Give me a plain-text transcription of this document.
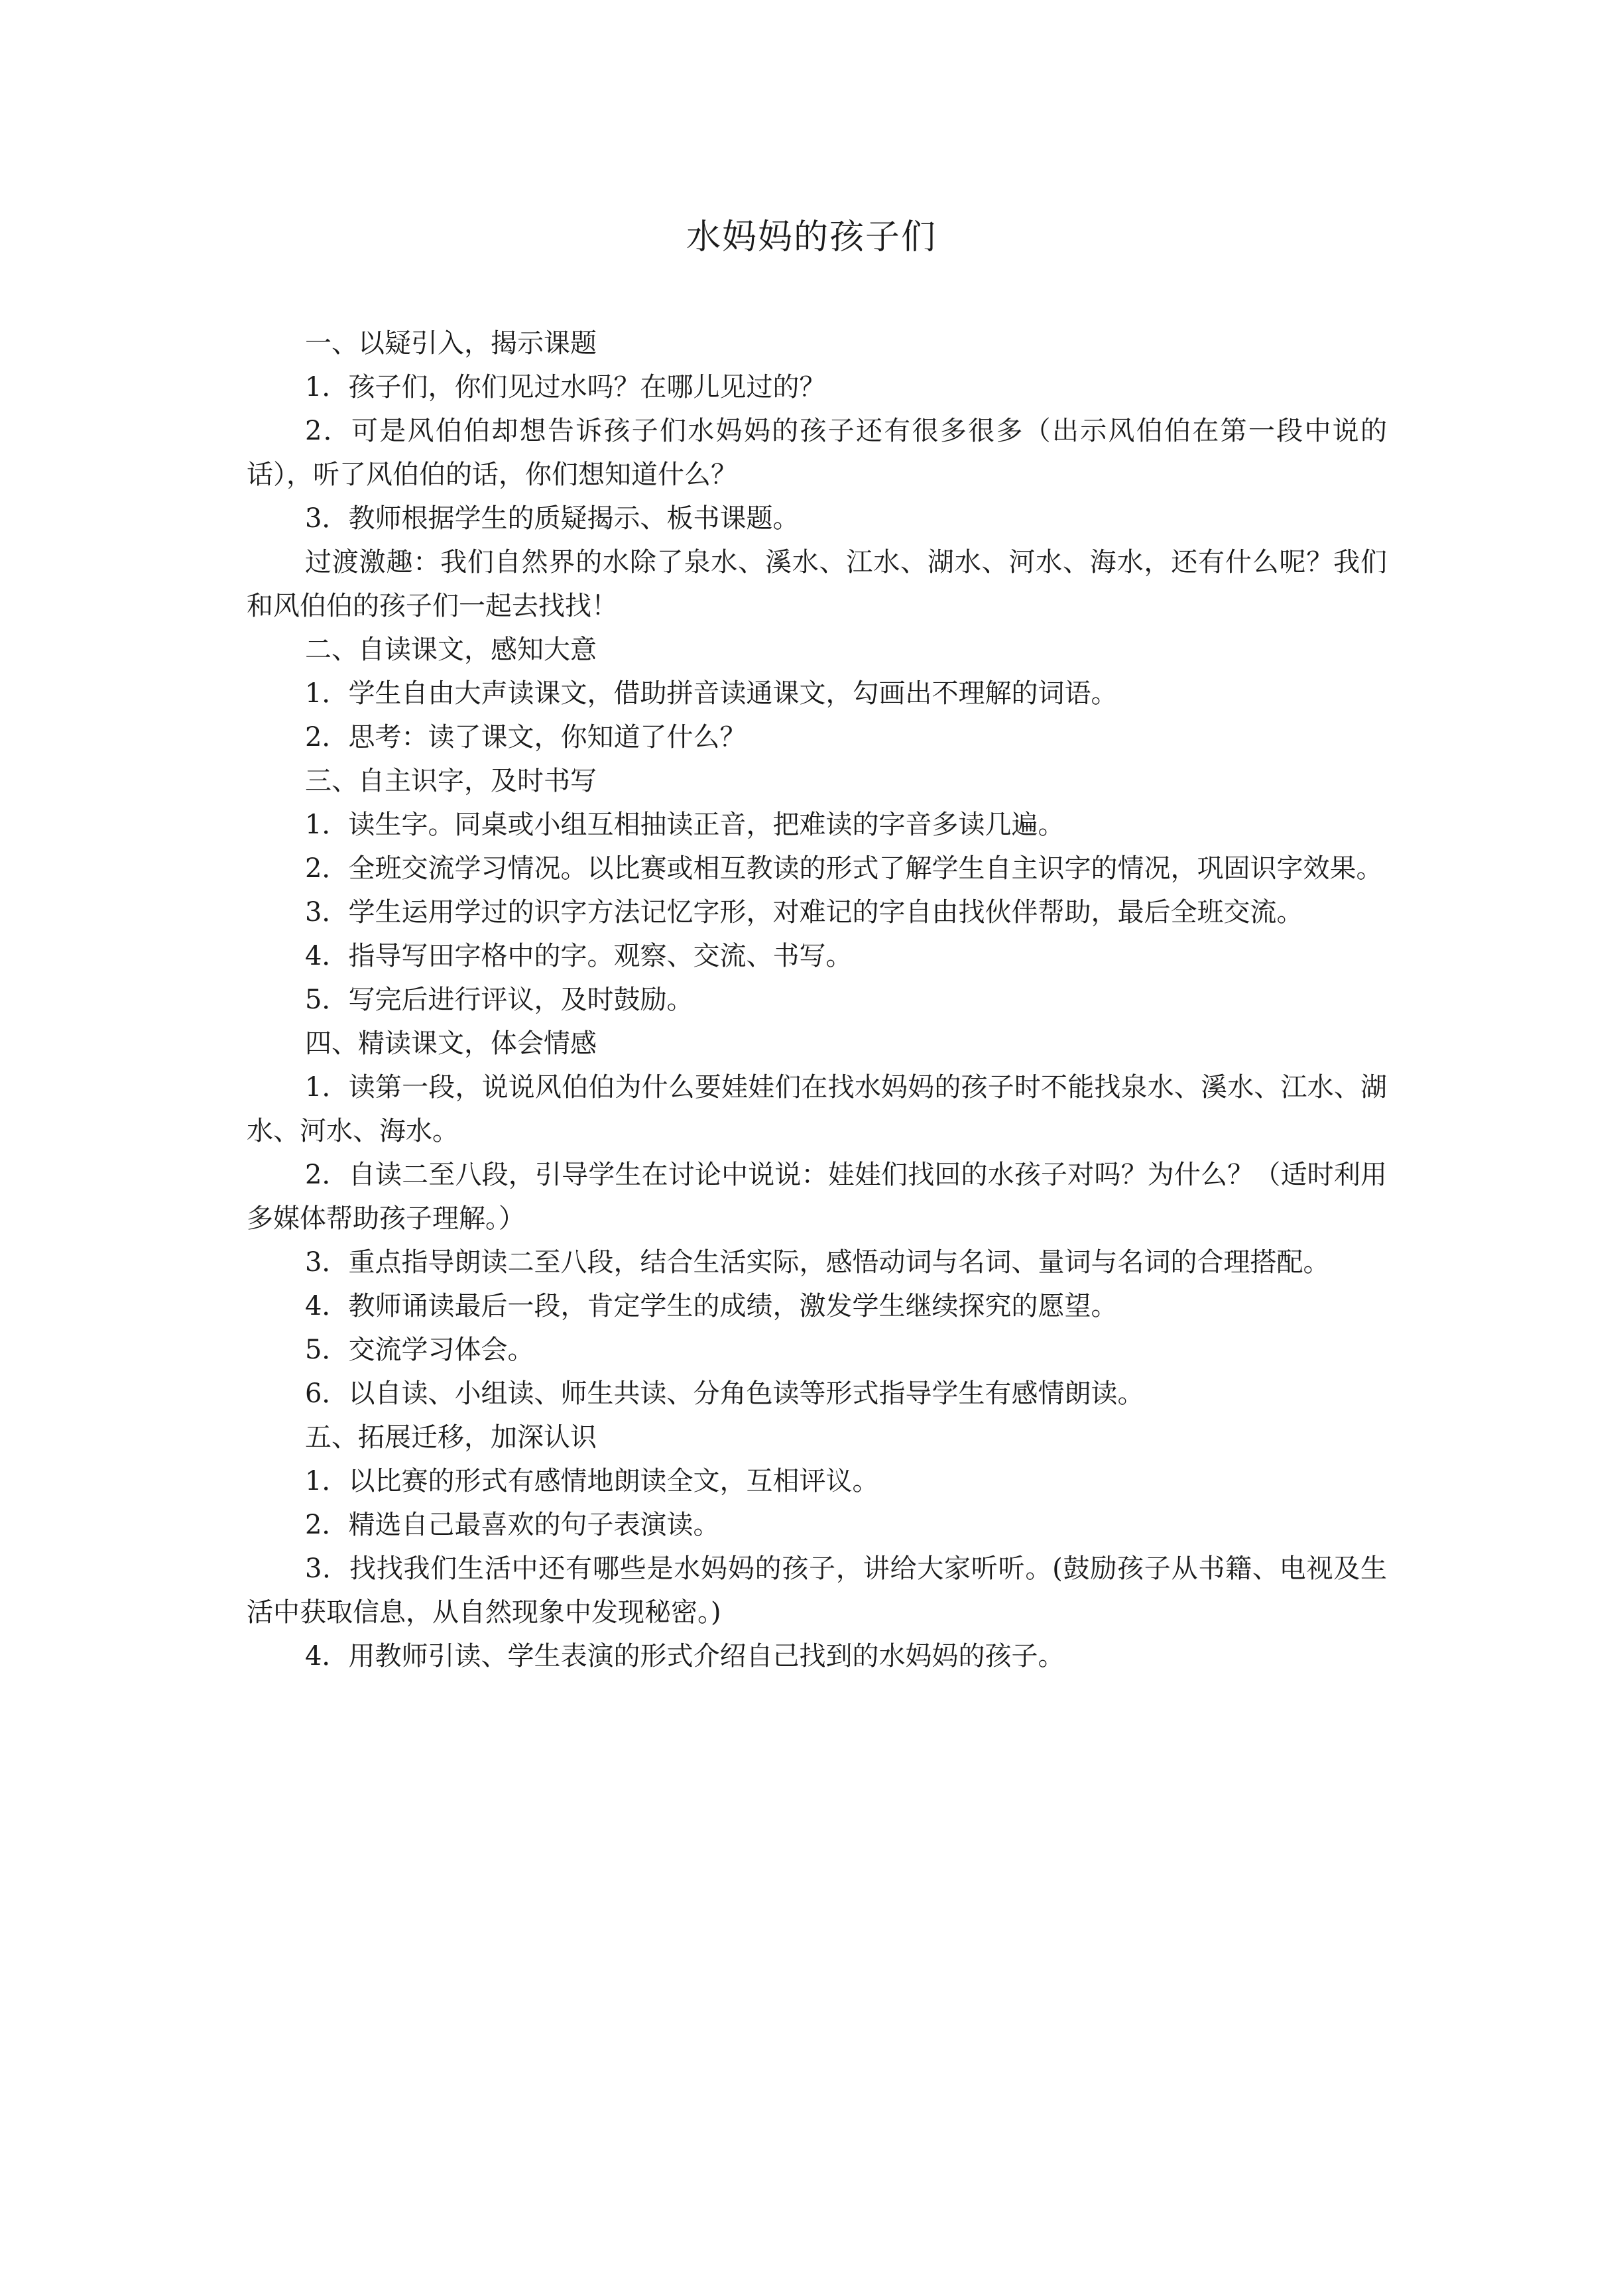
水妈妈的孩子们

一、以疑引入，揭示课题

1．孩子们，你们见过水吗？在哪儿见过的？

2．可是风伯伯却想告诉孩子们水妈妈的孩子还有很多很多（出示风伯伯在第一段中说的话），听了风伯伯的话，你们想知道什么？

3．教师根据学生的质疑揭示、板书课题。

过渡激趣：我们自然界的水除了泉水、溪水、江水、湖水、河水、海水，还有什么呢？我们和风伯伯的孩子们一起去找找！

二、自读课文，感知大意

1．学生自由大声读课文，借助拼音读通课文，勾画出不理解的词语。

2．思考：读了课文，你知道了什么？

三、自主识字，及时书写

1．读生字。同桌或小组互相抽读正音，把难读的字音多读几遍。

2．全班交流学习情况。以比赛或相互教读的形式了解学生自主识字的情况，巩固识字效果。

3．学生运用学过的识字方法记忆字形，对难记的字自由找伙伴帮助，最后全班交流。

4．指导写田字格中的字。观察、交流、书写。

5．写完后进行评议，及时鼓励。

四、精读课文，体会情感

1．读第一段，说说风伯伯为什么要娃娃们在找水妈妈的孩子时不能找泉水、溪水、江水、湖水、河水、海水。

2．自读二至八段，引导学生在讨论中说说：娃娃们找回的水孩子对吗？为什么？（适时利用多媒体帮助孩子理解。）

3．重点指导朗读二至八段，结合生活实际，感悟动词与名词、量词与名词的合理搭配。

4．教师诵读最后一段，肯定学生的成绩，激发学生继续探究的愿望。

5．交流学习体会。

6．以自读、小组读、师生共读、分角色读等形式指导学生有感情朗读。

五、拓展迁移，加深认识

1．以比赛的形式有感情地朗读全文，互相评议。

2．精选自己最喜欢的句子表演读。

3．找找我们生活中还有哪些是水妈妈的孩子，讲给大家听听。(鼓励孩子从书籍、电视及生活中获取信息，从自然现象中发现秘密。)

4．用教师引读、学生表演的形式介绍自己找到的水妈妈的孩子。
